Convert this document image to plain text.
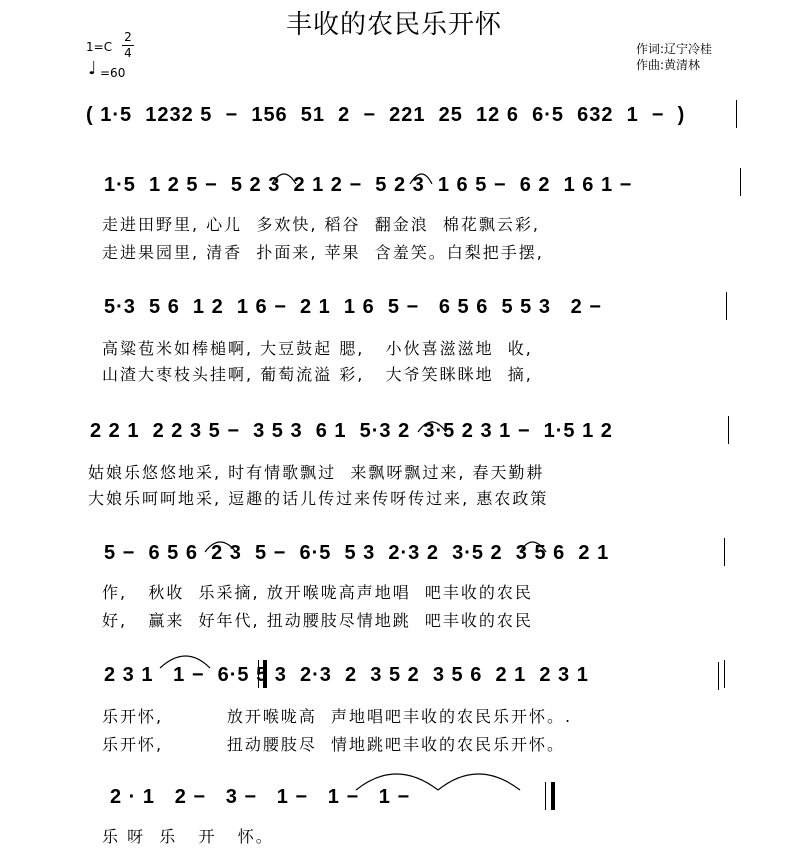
丰收的农民乐开怀
1=C
2
4
♩ =60
作词:辽宁冷桂
作曲:黄清林
( 1·5  1232 5  −  156  51  2  −  221  25  12 6  6·5  632  1  −  )
1·5  1 2 5 −  5 2 3  2 1 2 −  5 2 3  1 6 5 −  6 2  1 6 1 −
走进田野里, 心儿  多欢快, 稻谷  翻金浪  棉花飘云彩,
走进果园里, 清香  扑面来, 苹果  含羞笑。白梨把手摆,
5·3  5 6  1 2  1 6 −  2 1  1 6  5 −   6 5 6  5 5 3   2 −
高粱苞米如棒槌啊, 大豆鼓起 腮,   小伙喜滋滋地  收,
山渣大枣枝头挂啊, 葡萄流溢 彩,   大爷笑眯眯地  摘,
2 2 1  2 2 3 5 −  3 5 3  6 1  5·3 2  3·5 2 3 1 −  1·5 1 2
姑娘乐悠悠地采, 时有情歌飘过  来飘呀飘过来, 春天勤耕
大娘乐呵呵地采, 逗趣的话儿传过来传呀传过来, 惠农政策
5 −  6 5 6  2 3  5 −  6·5  5 3  2·3 2  3·5 2  3 5 6  2 1
作,   秋收  乐采摘, 放开喉咙高声地唱  吧丰收的农民
好,   赢来  好年代, 扭动腰肢尽情地跳  吧丰收的农民
2 3 1   1 −  6·5 5 3  2·3  2  3 5 2  3 5 6  2 1  2 3 1
乐开怀,         放开喉咙高  声地唱吧丰收的农民乐开怀。.
乐开怀,         扭动腰肢尽  情地跳吧丰收的农民乐开怀。
2 · 1   2 −   3 −   1 −   1 −   1 −
乐 呀  乐   开   怀。
